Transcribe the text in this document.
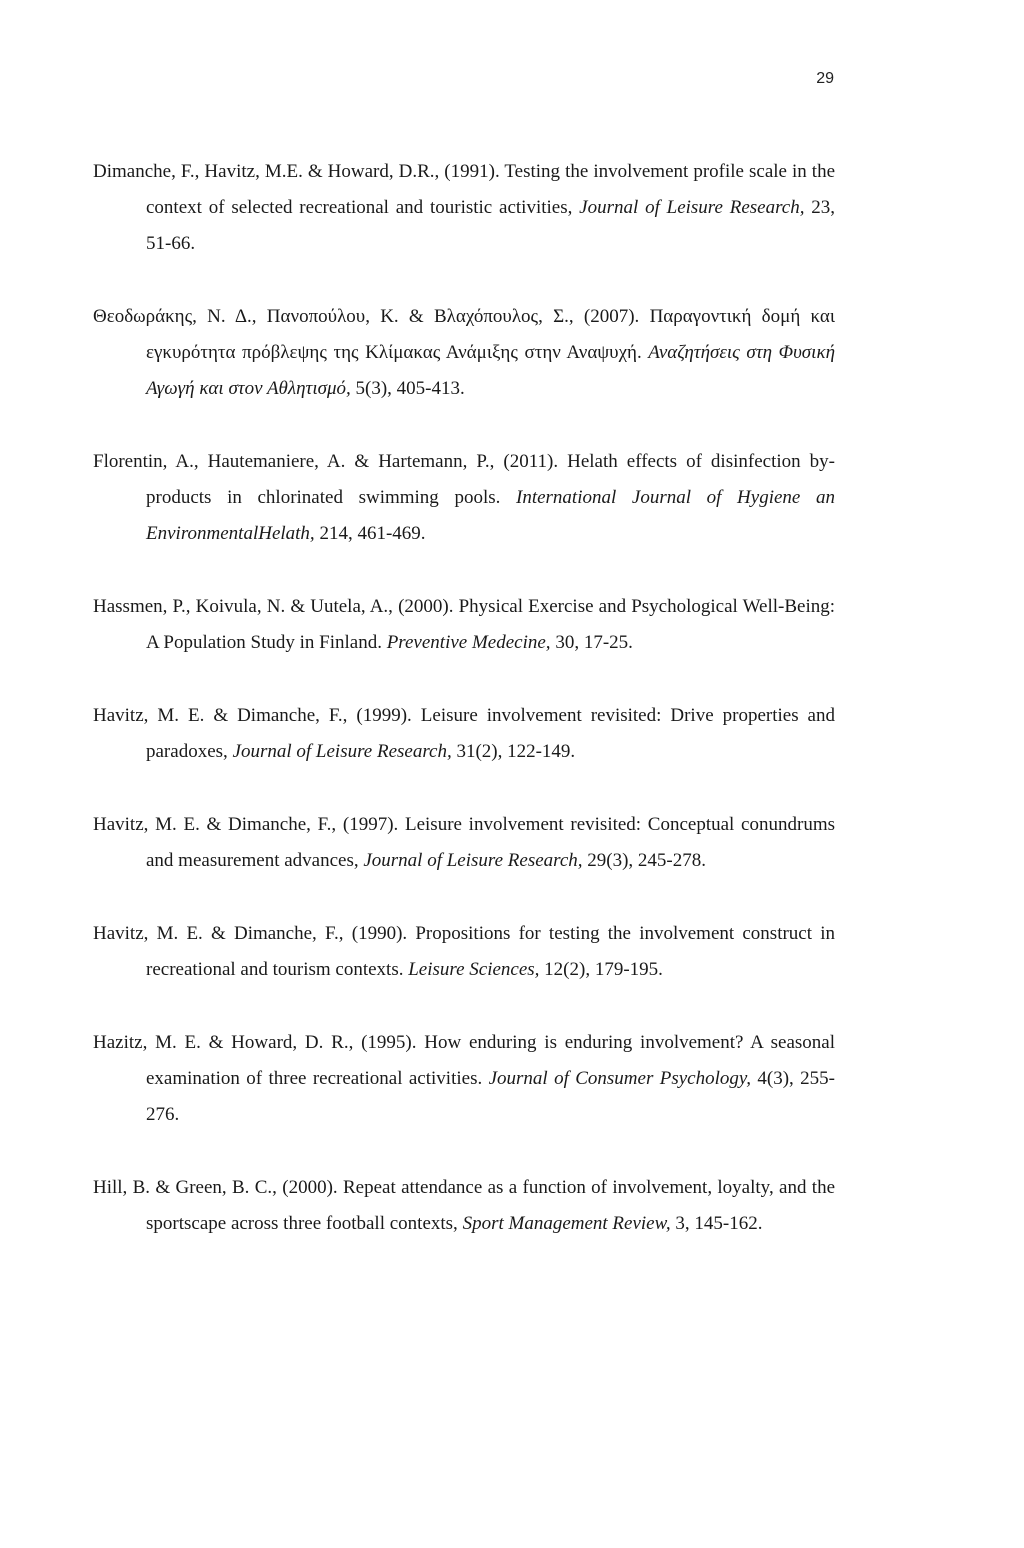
29

Dimanche, F., Havitz, M.E. & Howard, D.R., (1991). Testing the involvement profile scale in the context of selected recreational and touristic activities, Journal of Leisure Research, 23, 51-66.

Θεοδωράκης, Ν. Δ., Πανοπούλου, Κ. & Βλαχόπουλος, Σ., (2007). Παραγοντική δομή και εγκυρότητα πρόβλεψης της Κλίμακας Ανάμιξης στην Αναψυχή. Αναζητήσεις στη Φυσική Αγωγή και στον Αθλητισμό, 5(3), 405-413.

Florentin, A., Hautemaniere, A. & Hartemann, P., (2011). Helath effects of disinfection by-products in chlorinated swimming pools. International Journal of Hygiene an EnvironmentalHelath, 214, 461-469.

Hassmen, P., Koivula, N. & Uutela, A., (2000). Physical Exercise and Psychological Well-Being: A Population Study in Finland. Preventive Medecine, 30, 17-25.

Havitz, M. E. & Dimanche, F., (1999). Leisure involvement revisited: Drive properties and paradoxes, Journal of Leisure Research, 31(2), 122-149.

Havitz, M. E. & Dimanche, F., (1997). Leisure involvement revisited: Conceptual conundrums and measurement advances, Journal of Leisure Research, 29(3), 245-278.

Havitz, M. E. & Dimanche, F., (1990). Propositions for testing the involvement construct in recreational and tourism contexts. Leisure Sciences, 12(2), 179-195.

Hazitz, M. E. & Howard, D. R., (1995). How enduring is enduring involvement? A seasonal examination of three recreational activities. Journal of Consumer Psychology, 4(3), 255-276.

Hill, B. & Green, B. C., (2000). Repeat attendance as a function of involvement, loyalty, and the sportscape across three football contexts, Sport Management Review, 3, 145-162.
